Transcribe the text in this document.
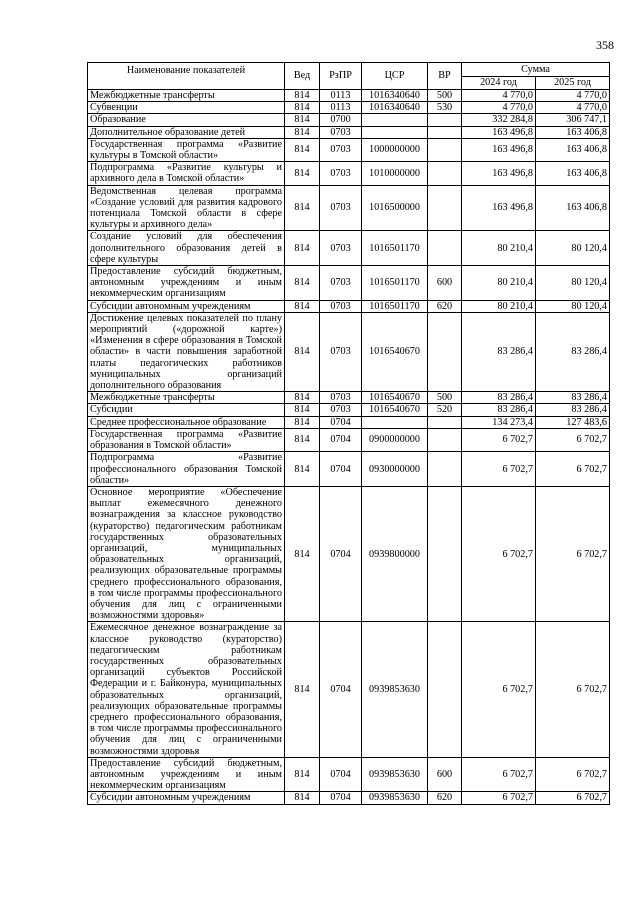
358
Наименование показателей	Вед	РзПР	ЦСР	ВР	Сумма	
					2024 год	2025 год
Межбюджетные трансферты	814	0113	1016340640	500	4 770,0	4 770,0
Субвенции	814	0113	1016340640	530	4 770,0	4 770,0
Образование	814	0700			332 284,8	306 747,1
Дополнительное образование детей	814	0703			163 496,8	163 406,8
Государственная программа «Развитие культуры в Томской области»	814	0703	1000000000		163 496,8	163 406,8
Подпрограмма «Развитие культуры и архивного дела в Томской области»	814	0703	1010000000		163 496,8	163 406,8
Ведомственная целевая программа «Создание условий для развития кадрового потенциала Томской области в сфере культуры и архивного дела»	814	0703	1016500000		163 496,8	163 406,8
Создание условий для обеспечения дополнительного образования детей в сфере культуры	814	0703	1016501170		80 210,4	80 120,4
Предоставление субсидий бюджетным, автономным учреждениям и иным некоммерческим организациям	814	0703	1016501170	600	80 210,4	80 120,4
Субсидии автономным учреждениям	814	0703	1016501170	620	80 210,4	80 120,4
Достижение целевых показателей по плану мероприятий («дорожной карте») «Изменения в сфере образования в Томской области» в части повышения заработной платы педагогических работников муниципальных организаций дополнительного образования	814	0703	1016540670		83 286,4	83 286,4
Межбюджетные трансферты	814	0703	1016540670	500	83 286,4	83 286,4
Субсидии	814	0703	1016540670	520	83 286,4	83 286,4
Среднее профессиональное образование	814	0704			134 273,4	127 483,6
Государственная программа «Развитие образования в Томской области»	814	0704	0900000000		6 702,7	6 702,7
Подпрограмма «Развитие профессионального образования Томской области»	814	0704	0930000000		6 702,7	6 702,7
Основное мероприятие «Обеспечение выплат ежемесячного денежного вознаграждения за классное руководство (кураторство) педагогическим работникам государственных образовательных организаций, муниципальных образовательных организаций, реализующих образовательные программы среднего профессионального образования, в том числе программы профессионального обучения для лиц с ограниченными возможностями здоровья»	814	0704	0939800000		6 702,7	6 702,7
Ежемесячное денежное вознаграждение за классное руководство (кураторство) педагогическим работникам государственных образовательных организаций субъектов Российской Федерации и г. Байконура, муниципальных образовательных организаций, реализующих образовательные программы среднего профессионального образования, в том числе программы профессионального обучения для лиц с ограниченными возможностями здоровья	814	0704	0939853630		6 702,7	6 702,7
Предоставление субсидий бюджетным, автономным учреждениям и иным некоммерческим организациям	814	0704	0939853630	600	6 702,7	6 702,7
Субсидии автономным учреждениям	814	0704	0939853630	620	6 702,7	6 702,7
